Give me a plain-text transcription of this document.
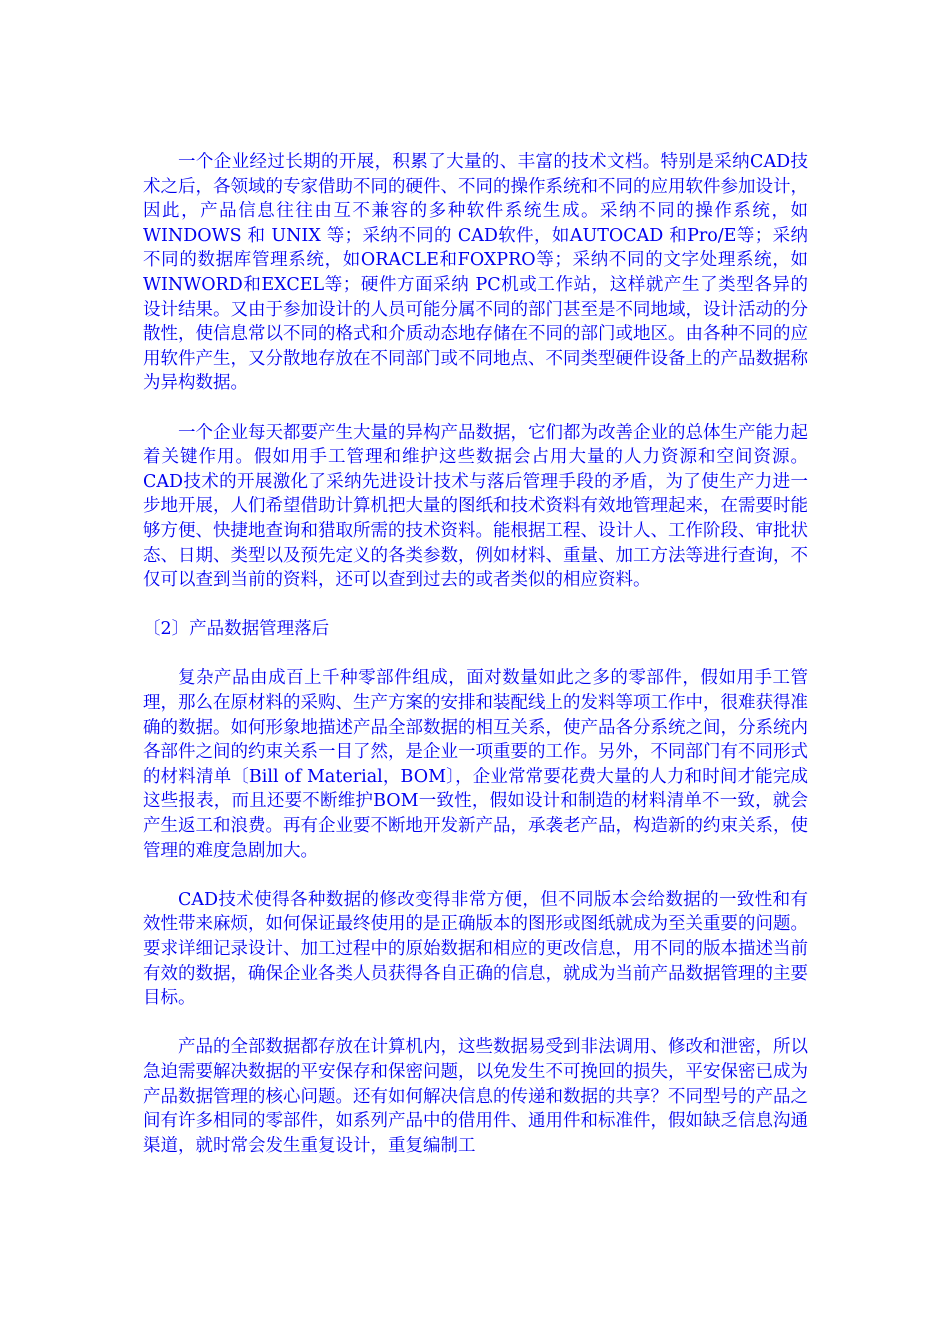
一个企业经过长期的开展，积累了大量的、丰富的技术文档。特别是采纳CAD技术之后，各领域的专家借助不同的硬件、不同的操作系统和不同的应用软件参加设计，因此，产品信息往往由互不兼容的多种软件系统生成。采纳不同的操作系统，如WINDOWS 和 UNIX 等；采纳不同的 CAD软件，如AUTOCAD 和Pro/E等；采纳不同的数据库管理系统，如ORACLE和FOXPRO等；采纳不同的文字处理系统，如WINWORD和EXCEL等；硬件方面采纳 PC机或工作站，这样就产生了类型各异的设计结果。又由于参加设计的人员可能分属不同的部门甚至是不同地域，设计活动的分散性，使信息常以不同的格式和介质动态地存储在不同的部门或地区。由各种不同的应用软件产生，又分散地存放在不同部门或不同地点、不同类型硬件设备上的产品数据称为异构数据。

一个企业每天都要产生大量的异构产品数据，它们都为改善企业的总体生产能力起着关键作用。假如用手工管理和维护这些数据会占用大量的人力资源和空间资源。CAD技术的开展激化了采纳先进设计技术与落后管理手段的矛盾，为了使生产力进一步地开展，人们希望借助计算机把大量的图纸和技术资料有效地管理起来，在需要时能够方便、快捷地查询和猎取所需的技术资料。能根据工程、设计人、工作阶段、审批状态、日期、类型以及预先定义的各类参数，例如材料、重量、加工方法等进行查询，不仅可以查到当前的资料，还可以查到过去的或者类似的相应资料。

〔2〕产品数据管理落后

复杂产品由成百上千种零部件组成，面对数量如此之多的零部件，假如用手工管理，那么在原材料的采购、生产方案的安排和装配线上的发料等项工作中，很难获得准确的数据。如何形象地描述产品全部数据的相互关系，使产品各分系统之间，分系统内各部件之间的约束关系一目了然，是企业一项重要的工作。另外，不同部门有不同形式的材料清单〔Bill of Material，BOM〕，企业常常要花费大量的人力和时间才能完成这些报表，而且还要不断维护BOM一致性，假如设计和制造的材料清单不一致，就会产生返工和浪费。再有企业要不断地开发新产品，承袭老产品，构造新的约束关系，使管理的难度急剧加大。

CAD技术使得各种数据的修改变得非常方便，但不同版本会给数据的一致性和有效性带来麻烦，如何保证最终使用的是正确版本的图形或图纸就成为至关重要的问题。要求详细记录设计、加工过程中的原始数据和相应的更改信息，用不同的版本描述当前有效的数据，确保企业各类人员获得各自正确的信息，就成为当前产品数据管理的主要目标。

产品的全部数据都存放在计算机内，这些数据易受到非法调用、修改和泄密，所以急迫需要解决数据的平安保存和保密问题，以免发生不可挽回的损失，平安保密已成为产品数据管理的核心问题。还有如何解决信息的传递和数据的共享？不同型号的产品之间有许多相同的零部件，如系列产品中的借用件、通用件和标准件，假如缺乏信息沟通渠道，就时常会发生重复设计，重复编制工
